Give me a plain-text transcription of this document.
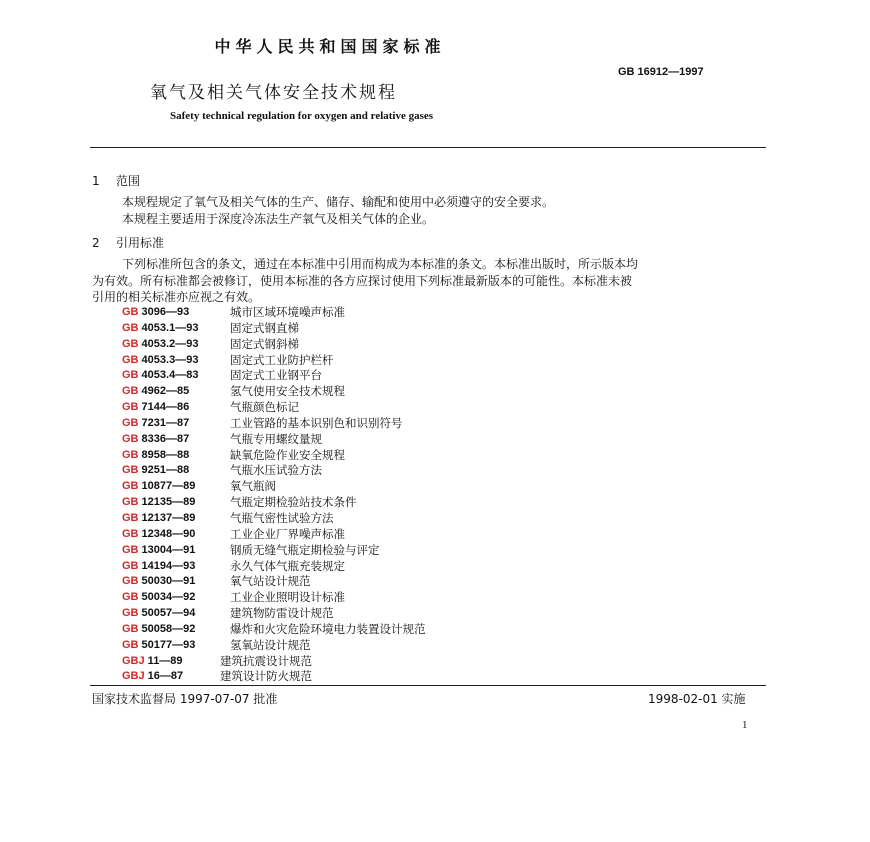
中华人民共和国国家标准
GB 16912—1997
氧气及相关气体安全技术规程
Safety technical regulation for oxygen and relative gases
1 范围
本规程规定了氧气及相关气体的生产、储存、输配和使用中必须遵守的安全要求。
本规程主要适用于深度冷冻法生产氧气及相关气体的企业。
2 引用标准
下列标准所包含的条文，通过在本标准中引用而构成为本标准的条文。本标准出版时，所示版本均
为有效。所有标准都会被修订，使用本标准的各方应探讨使用下列标准最新版本的可能性。本标准未被
引用的相关标准亦应视之有效。
GB 3096—93	城市区域环境噪声标准
GB 4053.1—93	固定式钢直梯
GB 4053.2—93	固定式钢斜梯
GB 4053.3—93	固定式工业防护栏杆
GB 4053.4—83	固定式工业钢平台
GB 4962—85	氢气使用安全技术规程
GB 7144—86	气瓶颜色标记
GB 7231—87	工业管路的基本识别色和识别符号
GB 8336—87	气瓶专用螺纹量规
GB 8958—88	缺氧危险作业安全规程
GB 9251—88	气瓶水压试验方法
GB 10877—89	氧气瓶阀
GB 12135—89	气瓶定期检验站技术条件
GB 12137—89	气瓶气密性试验方法
GB 12348—90	工业企业厂界噪声标准
GB 13004—91	钢质无缝气瓶定期检验与评定
GB 14194—93	永久气体气瓶充装规定
GB 50030—91	氧气站设计规范
GB 50034—92	工业企业照明设计标准
GB 50057—94	建筑物防雷设计规范
GB 50058—92	爆炸和火灾危险环境电力装置设计规范
GB 50177—93	氢氧站设计规范
GBJ 11—89	建筑抗震设计规范
GBJ 16—87	建筑设计防火规范
国家技术监督局 1997-07-07 批准	1998-02-01 实施
1
